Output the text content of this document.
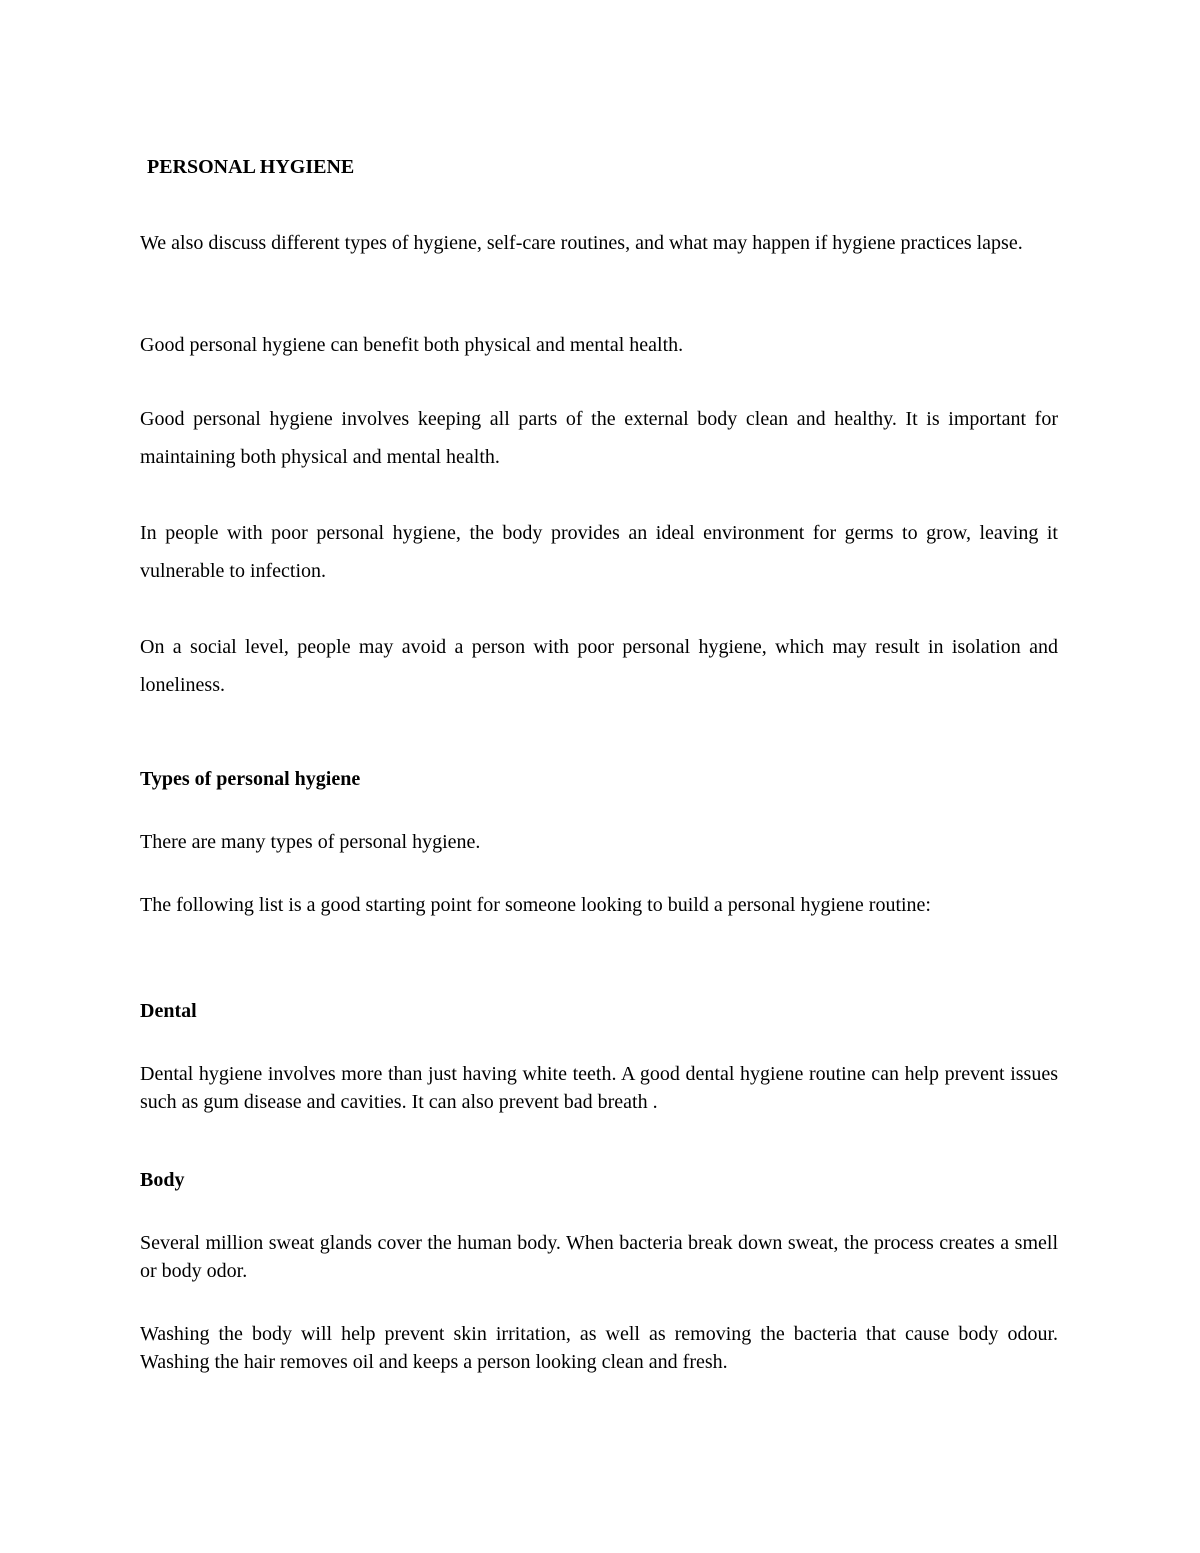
PERSONAL HYGIENE

We also discuss different types of hygiene, self-care routines, and what may happen if hygiene practices lapse.

Good personal hygiene can benefit both physical and mental health.

Good personal hygiene involves keeping all parts of the external body clean and healthy. It is important for maintaining both physical and mental health.

In people with poor personal hygiene, the body provides an ideal environment for germs to grow, leaving it vulnerable to infection.

On a social level, people may avoid a person with poor personal hygiene, which may result in isolation and loneliness.

Types of personal hygiene

There are many types of personal hygiene.

The following list is a good starting point for someone looking to build a personal hygiene routine:

Dental

Dental hygiene involves more than just having white teeth. A good dental hygiene routine can help prevent issues such as gum disease and cavities. It can also prevent bad breath .

Body

Several million sweat glands cover the human body. When bacteria break down sweat, the process creates a smell or body odor.

Washing the body will help prevent skin irritation, as well as removing the bacteria that cause body odour. Washing the hair removes oil and keeps a person looking clean and fresh.
